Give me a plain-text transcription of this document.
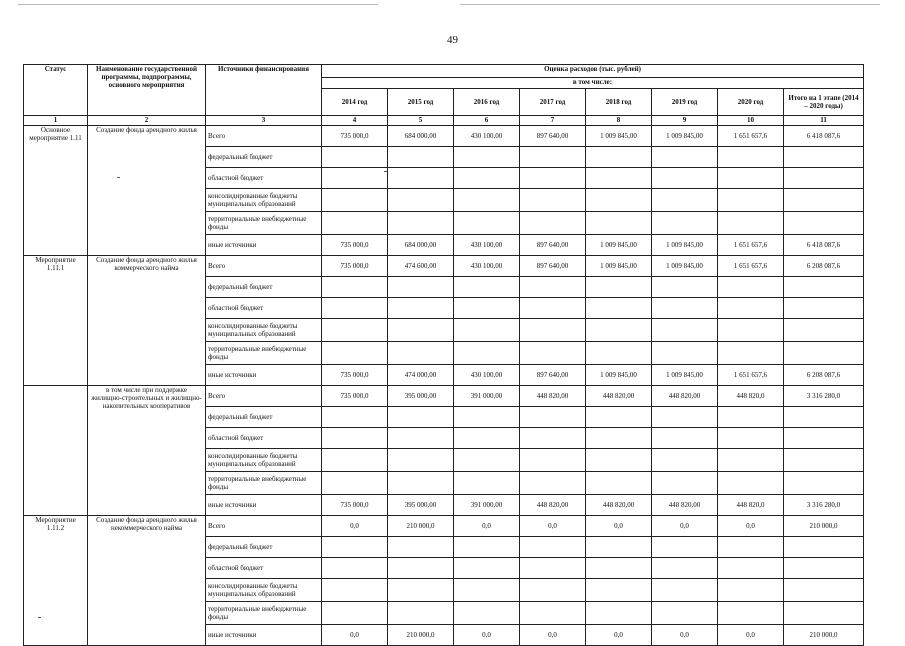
49
Статус	Наименование государственной программы, подпрограммы, основного мероприятия	Источники финансирования	Оценка расходов (тыс. рублей)							
			в том числе:							
			2014 год	2015 год	2016 год	2017 год	2018 год	2019 год	2020 год	Итого на 1 этапе (2014 – 2020 годы)
1	2	3	4	5	6	7	8	9	10	11
Основное мероприятие 1.11	Создание фонда арендного жилья	Всего	735 000,0	684 000,00	430 100,00	897 640,00	1 009 845,00	1 009 845,00	1 651 657,6	6 418 087,6
		федеральный бюджет								
		областной бюджет								
		консолидированные бюджеты муниципальных образований								
		территориальные внебюджетные фонды								
		иные источники	735 000,0	684 000,00	430 100,00	897 640,00	1 009 845,00	1 009 845,00	1 651 657,6	6 418 087,6
Мероприятие 1.11.1	Создание фонда арендного жилья коммерческого найма	Всего	735 000,0	474 600,00	430 100,00	897 640,00	1 009 845,00	1 009 845,00	1 651 657,6	6 208 087,6
		федеральный бюджет								
		областной бюджет								
		консолидированные бюджеты муниципальных образований								
		территориальные внебюджетные фонды								
		иные источники	735 000,0	474 000,00	430 100,00	897 640,00	1 009 845,00	1 009 845,00	1 651 657,6	6 208 087,6
	в том числе при поддержке жилищно-строительных и жилищно-накопительных кооперативов	Всего	735 000,0	395 000,00	391 000,00	448 820,00	448 820,00	448 820,00	448 820,0	3 316 280,0
		федеральный бюджет								
		областной бюджет								
		консолидированные бюджеты муниципальных образований								
		территориальные внебюджетные фонды								
		иные источники	735 000,0	395 000,00	391 000,00	448 820,00	448 820,00	448 820,00	448 820,0	3 316 280,0
Мероприятие 1.11.2	Создание фонда арендного жилья некоммерческого найма	Всего	0,0	210 000,0	0,0	0,0	0,0	0,0	0,0	210 000,0
		федеральный бюджет								
		областной бюджет								
		консолидированные бюджеты муниципальных образований								
		территориальные внебюджетные фонды								
		иные источники	0,0	210 000,0	0,0	0,0	0,0	0,0	0,0	210 000,0
